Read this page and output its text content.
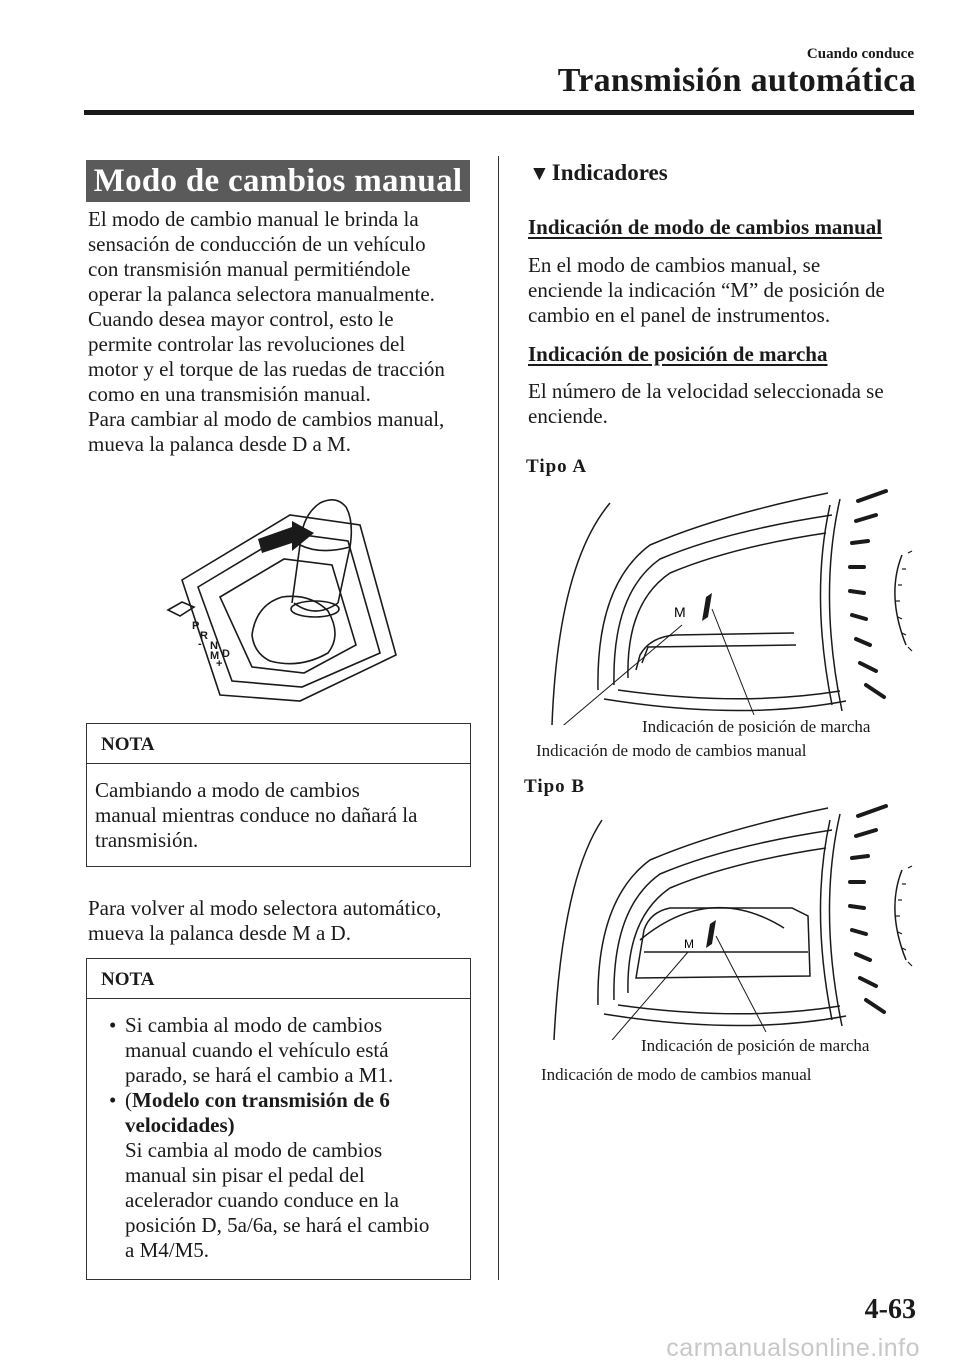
Cuando conduce
Transmisión automática
Modo de cambios manual

El modo de cambio manual le brinda la

sensación de conducción de un vehículo

con transmisión manual permitiéndole

operar la palanca selectora manualmente.

Cuando desea mayor control, esto le

permite controlar las revoluciones del

motor y el torque de las ruedas de tracción

como en una transmisión manual.

Para cambiar al modo de cambios manual,

mueva la palanca desde D a M.

P
R
N
D
M
+
-
NOTA
Cambiando a modo de cambios
manual mientras conduce no dañará la
transmisión.

Para volver al modo selectora automático,

mueva la palanca desde M a D.

NOTA
• Si cambia al modo de cambios
manual cuando el vehículo está
parado, se hará el cambio a M1.
• (Modelo con transmisión de 6
velocidades)
Si cambia al modo de cambios
manual sin pisar el pedal del
acelerador cuando conduce en la
posición D, 5a/6a, se hará el cambio
a M4/M5.
▼Indicadores
Indicación de modo de cambios manual

En el modo de cambios manual, se

enciende la indicación “M” de posición de

cambio en el panel de instrumentos.

Indicación de posición de marcha

El número de la velocidad seleccionada se

enciende.

Tipo A
M
Indicación de posición de marcha
Indicación de modo de cambios manual
Tipo B
M
Indicación de posición de marcha
Indicación de modo de cambios manual
4-63
carmanualsonline.info
